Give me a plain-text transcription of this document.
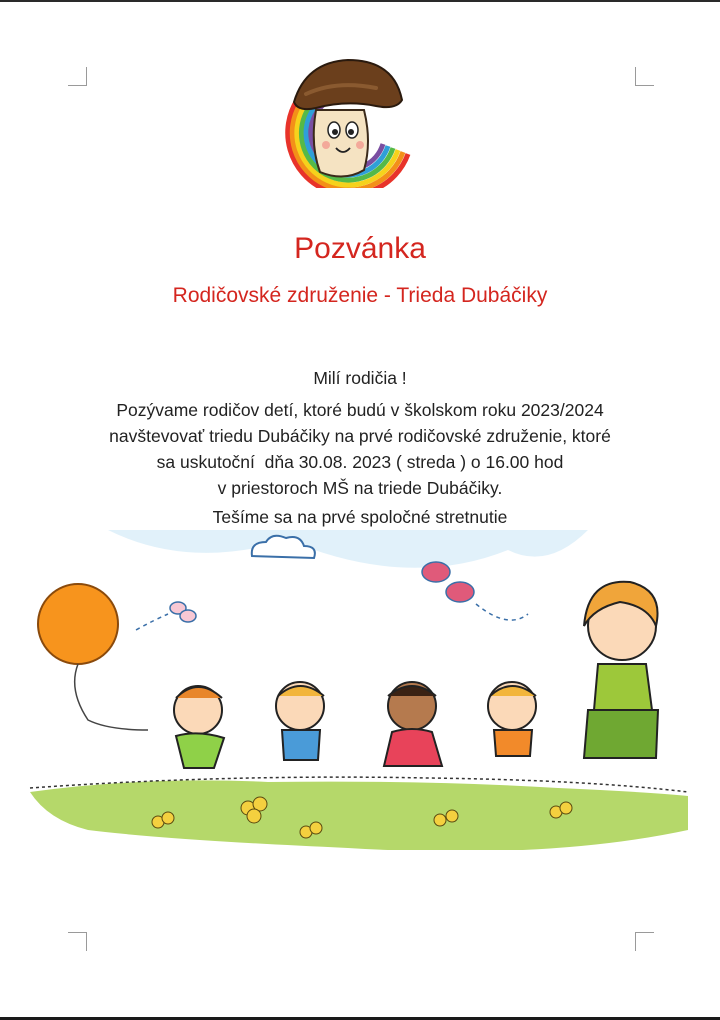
Pozvánka
Rodičovské združenie - Trieda Dubáčiky
Milí rodičia !
Pozývame rodičov detí, ktoré budú v školskom roku 2023/2024
navštevovať triedu Dubáčiky na prvé rodičovské združenie, ktoré
sa uskutoční  dňa 30.08. 2023 ( streda ) o 16.00 hod
v priestoroch MŠ na triede Dubáčiky.
Tešíme sa na prvé spoločné stretnutie
